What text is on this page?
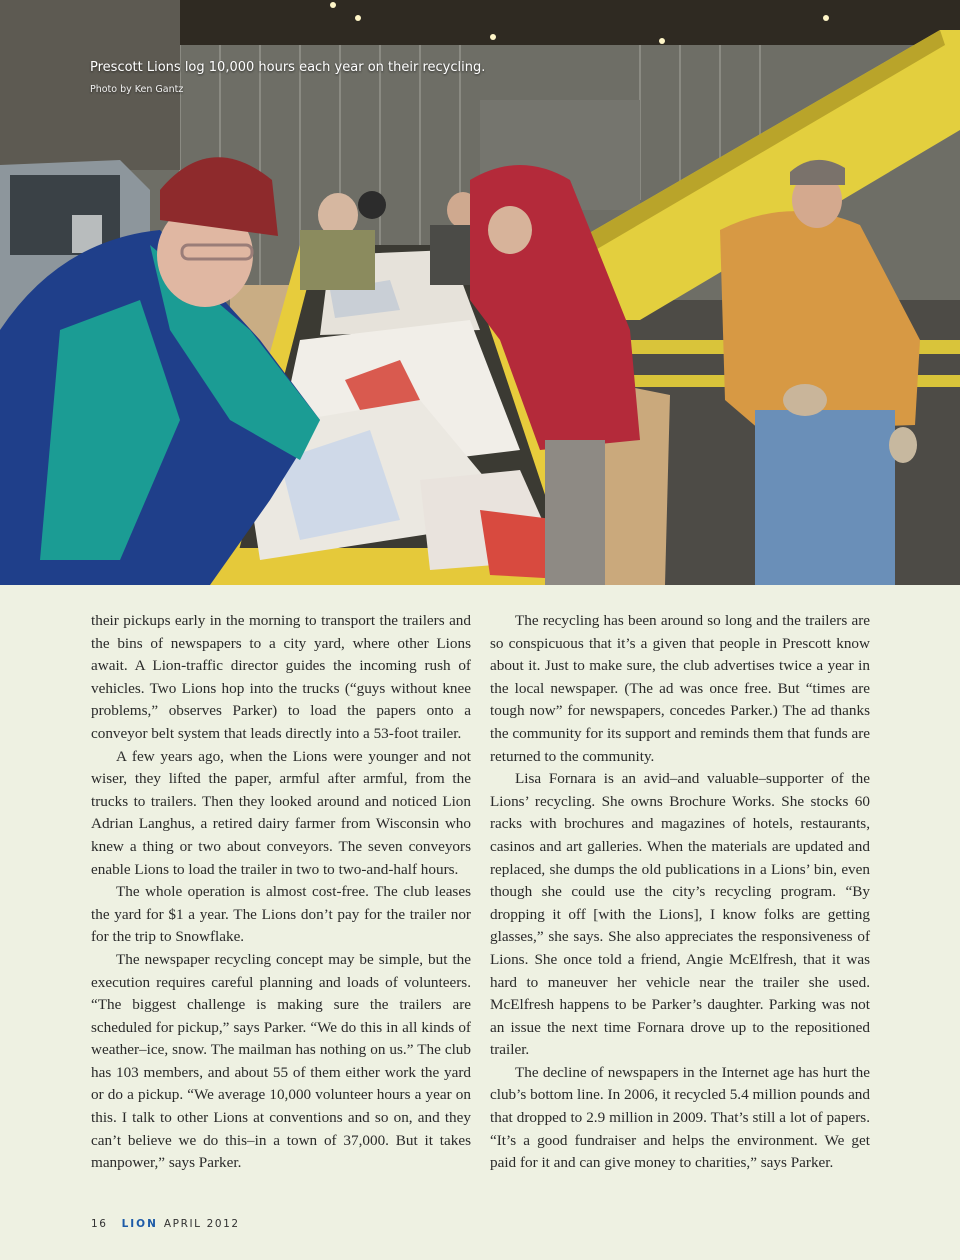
Prescott Lions log 10,000 hours each year on their recycling.
Photo by Ken Gantz

their pickups early in the morning to transport the trailers and the bins of newspapers to a city yard, where other Lions await. A Lion-traffic director guides the incoming rush of vehicles. Two Lions hop into the trucks (“guys without knee problems,” observes Parker) to load the papers onto a conveyor belt system that leads directly into a 53-foot trailer.

A few years ago, when the Lions were younger and not wiser, they lifted the paper, armful after armful, from the trucks to trailers. Then they looked around and noticed Lion Adrian Langhus, a retired dairy farmer from Wisconsin who knew a thing or two about conveyors. The seven conveyors enable Lions to load the trailer in two to two-and-half hours.

The whole operation is almost cost-free. The club leases the yard for $1 a year. The Lions don’t pay for the trailer nor for the trip to Snowflake.

The newspaper recycling concept may be simple, but the execution requires careful planning and loads of volunteers. “The biggest challenge is making sure the trailers are scheduled for pickup,” says Parker. “We do this in all kinds of weather–ice, snow. The mailman has nothing on us.” The club has 103 members, and about 55 of them either work the yard or do a pickup. “We average 10,000 volunteer hours a year on this. I talk to other Lions at conventions and so on, and they can’t believe we do this–in a town of 37,000. But it takes manpower,” says Parker.

The recycling has been around so long and the trailers are so conspicuous that it’s a given that people in Prescott know about it. Just to make sure, the club advertises twice a year in the local newspaper. (The ad was once free. But “times are tough now” for newspapers, concedes Parker.) The ad thanks the community for its support and reminds them that funds are returned to the community.

Lisa Fornara is an avid–and valuable–supporter of the Lions’ recycling. She owns Brochure Works. She stocks 60 racks with brochures and magazines of hotels, restaurants, casinos and art galleries. When the materials are updated and replaced, she dumps the old publications in a Lions’ bin, even though she could use the city’s recycling program. “By dropping it off [with the Lions], I know folks are getting glasses,” she says. She also appreciates the responsiveness of Lions. She once told a friend, Angie McElfresh, that it was hard to maneuver her vehicle near the trailer she used. McElfresh happens to be Parker’s daughter. Parking was not an issue the next time Fornara drove up to the repositioned trailer.

The decline of newspapers in the Internet age has hurt the club’s bottom line. In 2006, it recycled 5.4 million pounds and that dropped to 2.9 million in 2009. That’s still a lot of papers. “It’s a good fundraiser and helps the environment. We get paid for it and can give money to charities,” says Parker.

16 LION APRIL 2012
